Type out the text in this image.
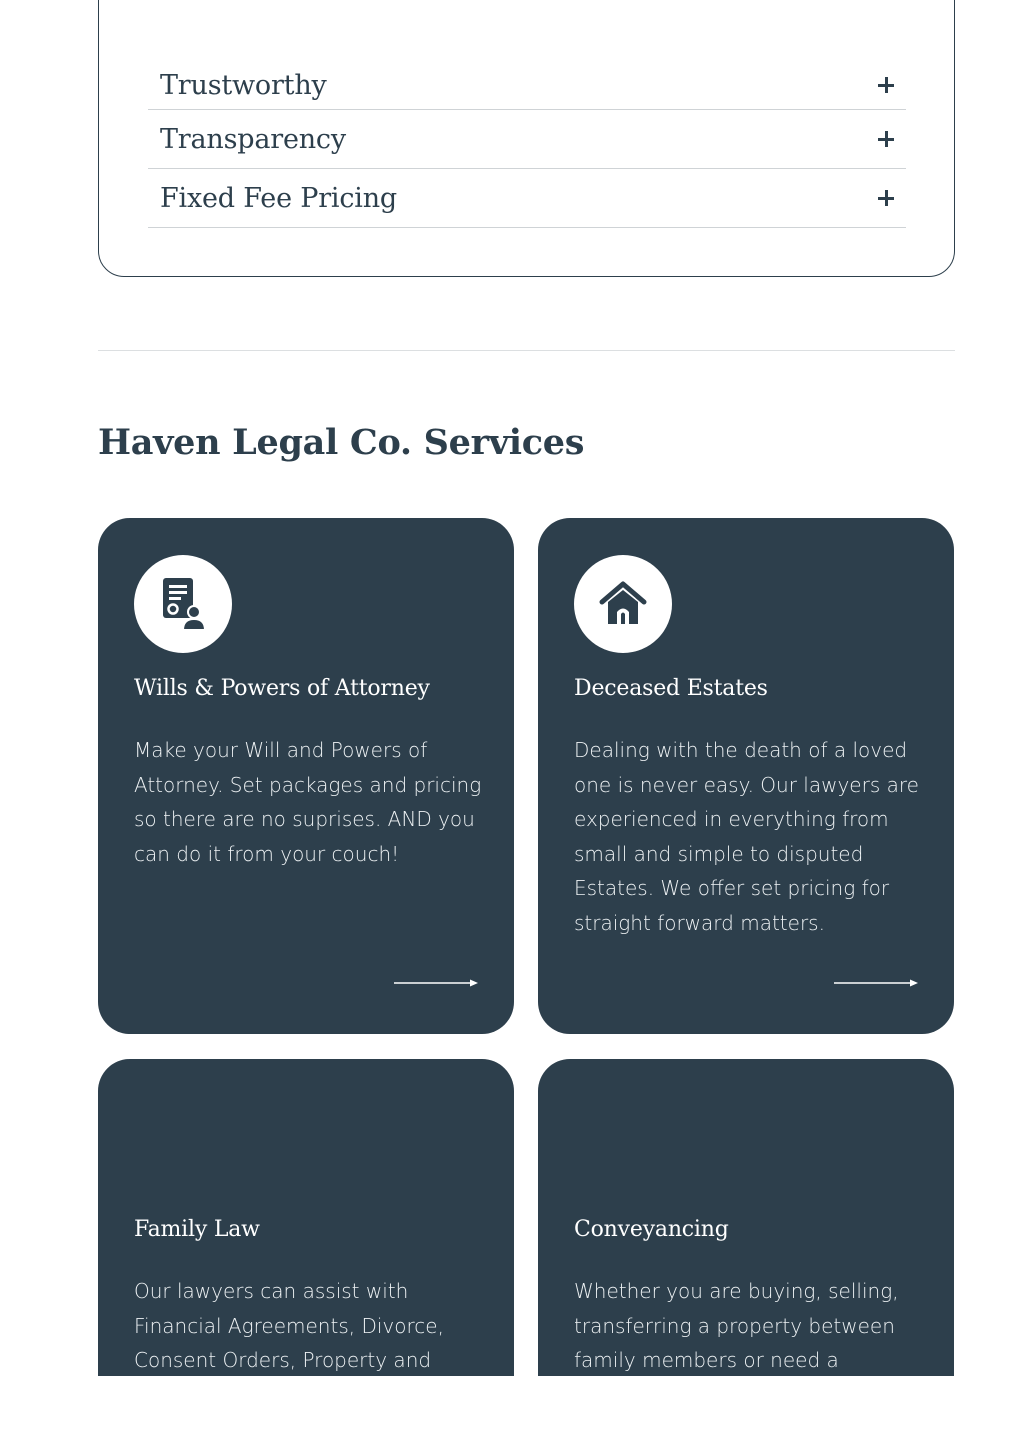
Trustworthy
Transparency
Fixed Fee Pricing
Haven Legal Co. Services
Wills & Powers of Attorney
Make your Will and Powers of Attorney. Set packages and pricing so there are no suprises. AND you can do it from your couch!
Deceased Estates
Dealing with the death of a loved one is never easy. Our lawyers are experienced in everything from small and simple to disputed Estates. We offer set pricing for straight forward matters.
Family Law
Our lawyers can assist with Financial Agreements, Divorce, Consent Orders, Property and
Conveyancing
Whether you are buying, selling, transferring a property between family members or need a
